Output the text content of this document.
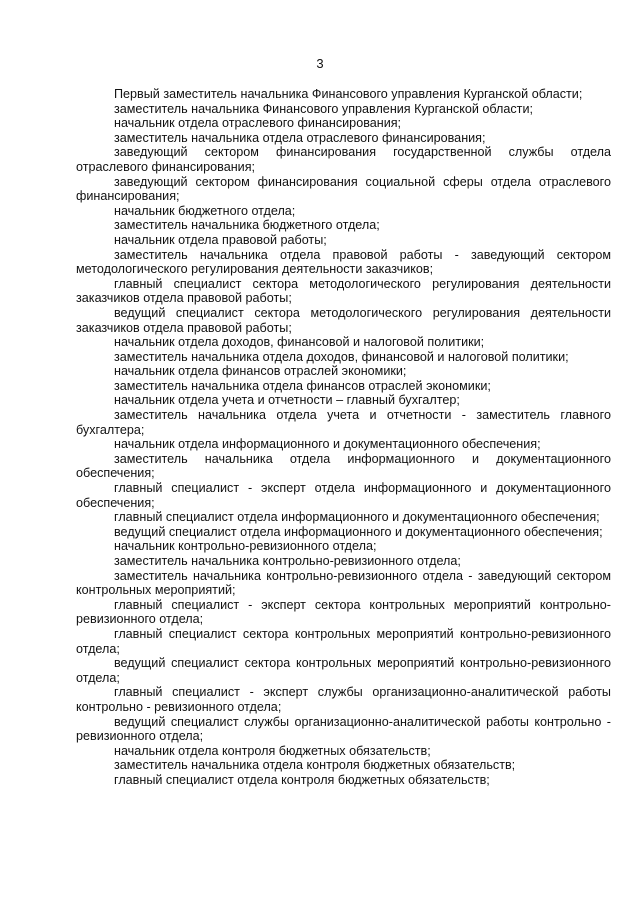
3

Первый заместитель начальника Финансового управления Курганской области;

заместитель начальника Финансового управления Курганской области;

начальник отдела отраслевого финансирования;

заместитель начальника отдела отраслевого финансирования;

заведующий сектором финансирования государственной службы отдела отраслевого финансирования;

заведующий сектором финансирования социальной сферы отдела отраслевого финансирования;

начальник бюджетного отдела;

заместитель начальника бюджетного отдела;

начальник отдела правовой работы;

заместитель начальника отдела правовой работы - заведующий сектором методологического регулирования деятельности заказчиков;

главный специалист сектора методологического регулирования деятельности заказчиков отдела правовой работы;

ведущий специалист сектора методологического регулирования деятельности заказчиков отдела правовой работы;

начальник отдела доходов, финансовой и налоговой политики;

заместитель начальника отдела доходов, финансовой и налоговой политики;

начальник отдела финансов отраслей экономики;

заместитель начальника отдела финансов отраслей экономики;

начальник отдела учета и отчетности – главный бухгалтер;

заместитель начальника отдела учета и отчетности - заместитель главного бухгалтера;

начальник отдела информационного и документационного обеспечения;

заместитель начальника отдела информационного и документационного обеспечения;

главный специалист - эксперт отдела информационного и документационного обеспечения;

главный специалист отдела информационного и документационного обеспечения;

ведущий специалист отдела информационного и документационного обеспечения;

начальник контрольно-ревизионного отдела;

заместитель начальника контрольно-ревизионного отдела;

заместитель начальника контрольно-ревизионного отдела - заведующий сектором контрольных мероприятий;

главный специалист - эксперт сектора контрольных мероприятий контрольно-ревизионного отдела;

главный специалист сектора контрольных мероприятий контрольно-ревизионного отдела;

ведущий специалист сектора контрольных мероприятий контрольно-ревизионного отдела;

главный специалист - эксперт службы организационно-аналитической работы контрольно - ревизионного отдела;

ведущий специалист службы организационно-аналитической работы контрольно - ревизионного отдела;

начальник отдела контроля бюджетных обязательств;

заместитель начальника отдела контроля бюджетных обязательств;

главный специалист отдела контроля бюджетных обязательств;
